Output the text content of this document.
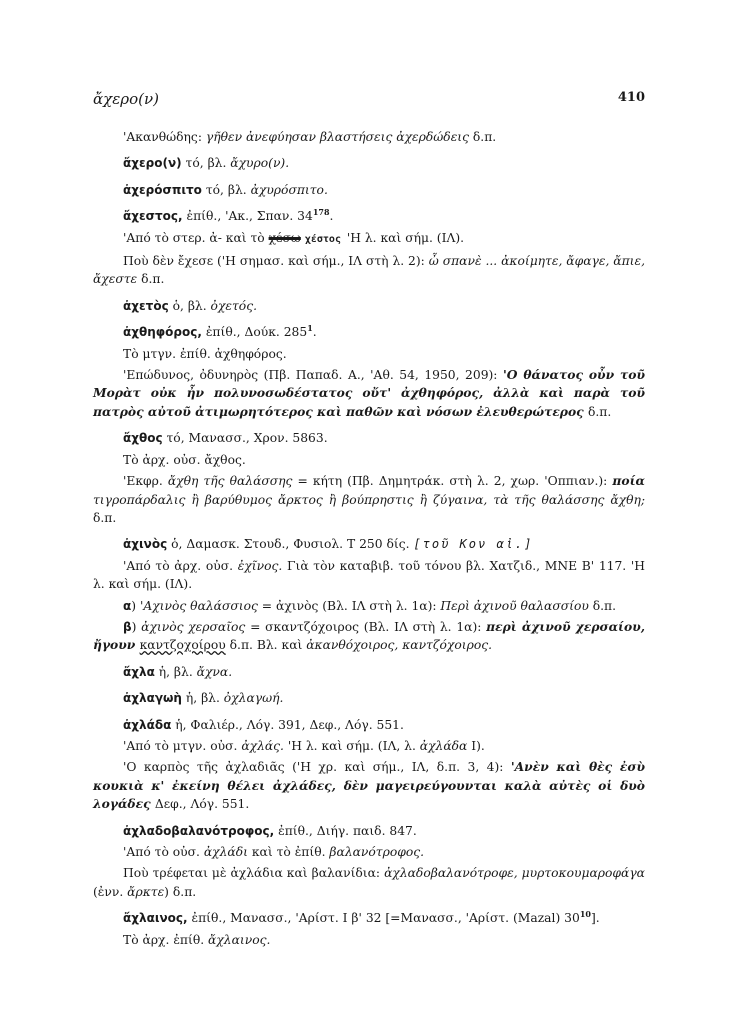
ἄχερο(ν)	410

'Ακανθώδης: γῆθεν ἀνεφύησαν βλαστήσεις ἀχερδώδεις δ.π.

ἄχερο(ν) τό, βλ. ἄχυρο(ν).

ἀχερόσπιτο τό, βλ. ἀχυρόσπιτο.

ἄχεστος, ἐπίθ., 'Ακ., Σπαν. $34^{178}$.

'Από τὸ στερ. ἀ- καὶ τὸ χέσω χέστος 'Η λ. καὶ σήμ. (ΙΛ).

Ποὺ δὲν ἔχεσε ('Η σημασ. καὶ σήμ., ΙΛ στὴ λ. 2): ὦ σπανὲ ... ἀκοίμητε, ἄφαγε, ἄπιε, ἄχεστε δ.π.

ἀχετὸς ὁ, βλ. ὀχετός.

ἀχθηφόρος, ἐπίθ., Δούκ. $285^1$.

Τὸ μτγν. ἐπίθ. ἀχθηφόρος.

'Επώδυνος, ὀδυνηρὸς (Πβ. Παπαδ. Α., 'Αθ. 54, 1950, 209): 'Ο θάνατος οὖν τοῦ Μορὰτ οὐκ ἦν πολυνοσωδέστατος οὔτ' ἀχθηφόρος, ἀλλὰ καὶ παρὰ τοῦ πατρὸς αὐτοῦ ἀτιμωρητότερος καὶ παθῶν καὶ νόσων ἐλευθερώτερος δ.π.

ἄχθος τό, Μανασσ., Χρον. 5863.

Τὸ ἀρχ. οὐσ. ἄχθος.

'Εκφρ. ἄχθη τῆς θαλάσσης = κήτη (Πβ. Δημητράκ. στὴ λ. 2, χωρ. 'Οππιαν.): ποία τιγροπάρδαλις ἢ βαρύθυμος ἄρκτος ἢ βούπρηστις ἢ ζύγαινα, τὰ τῆς θαλάσσης ἄχθη; δ.π.

ἀχινὸς ὁ, Δαμασκ. Στουδ., Φυσιολ. Τ 250 δίς. [τοῦ Κον αἰ.]

'Από τὸ ἀρχ. οὐσ. ἐχῖνος. Γιὰ τὸν καταβιβ. τοῦ τόνου βλ. Χατζιδ., ΜΝΕ Β' 117. 'Η λ. καὶ σήμ. (ΙΛ).

α) 'Αχινὸς θαλάσσιος = ἀχινὸς (Βλ. ΙΛ στὴ λ. 1α): Περὶ ἀχινοῦ θαλασσίου δ.π.

β) ἀχινὸς χερσαῖος = σκαντζόχοιρος (Βλ. ΙΛ στὴ λ. 1α): περὶ ἀχινοῦ χερσαίου, ἤγουν καντζοχοίρου δ.π. Βλ. καὶ ἀκανθόχοιρος, καντζόχοιρος.

ἄχλα ἡ, βλ. ἄχνα.

ἀχλαγωὴ ἡ, βλ. ὀχλαγωή.

ἀχλάδα ἡ, Φαλιέρ., Λόγ. 391, Δεφ., Λόγ. 551.

'Από τὸ μτγν. οὐσ. ἀχλάς. 'Η λ. καὶ σήμ. (ΙΛ, λ. ἀχλάδα Ι).

'Ο καρπὸς τῆς ἀχλαδιᾶς ('Η χρ. καὶ σήμ., ΙΛ, δ.π. 3, 4): 'Ανὲν καὶ θὲς ἐσὺ κουκιὰ κ' ἐκείνη θέλει ἀχλάδες, δὲν μαγειρεύγουνται καλὰ αὐτὲς οἱ δυὸ λογάδες Δεφ., Λόγ. 551.

ἀχλαδοβαλανότροφος, ἐπίθ., Διήγ. παιδ. 847.

'Από τὸ οὐσ. ἀχλάδι καὶ τὸ ἐπίθ. βαλανότροφος.

Ποὺ τρέφεται μὲ ἀχλάδια καὶ βαλανίδια: ἀχλαδοβαλανότροφε, μυρτοκουμαροφάγα (ἐνν. ἄρκτε) δ.π.

ἄχλαινος, ἐπίθ., Μανασσ., 'Αρίστ. Ι β' 32 [=Μανασσ., 'Αρίστ. (Mazal) $30^{10}$].

Τὸ ἀρχ. ἐπίθ. ἄχλαινος.
